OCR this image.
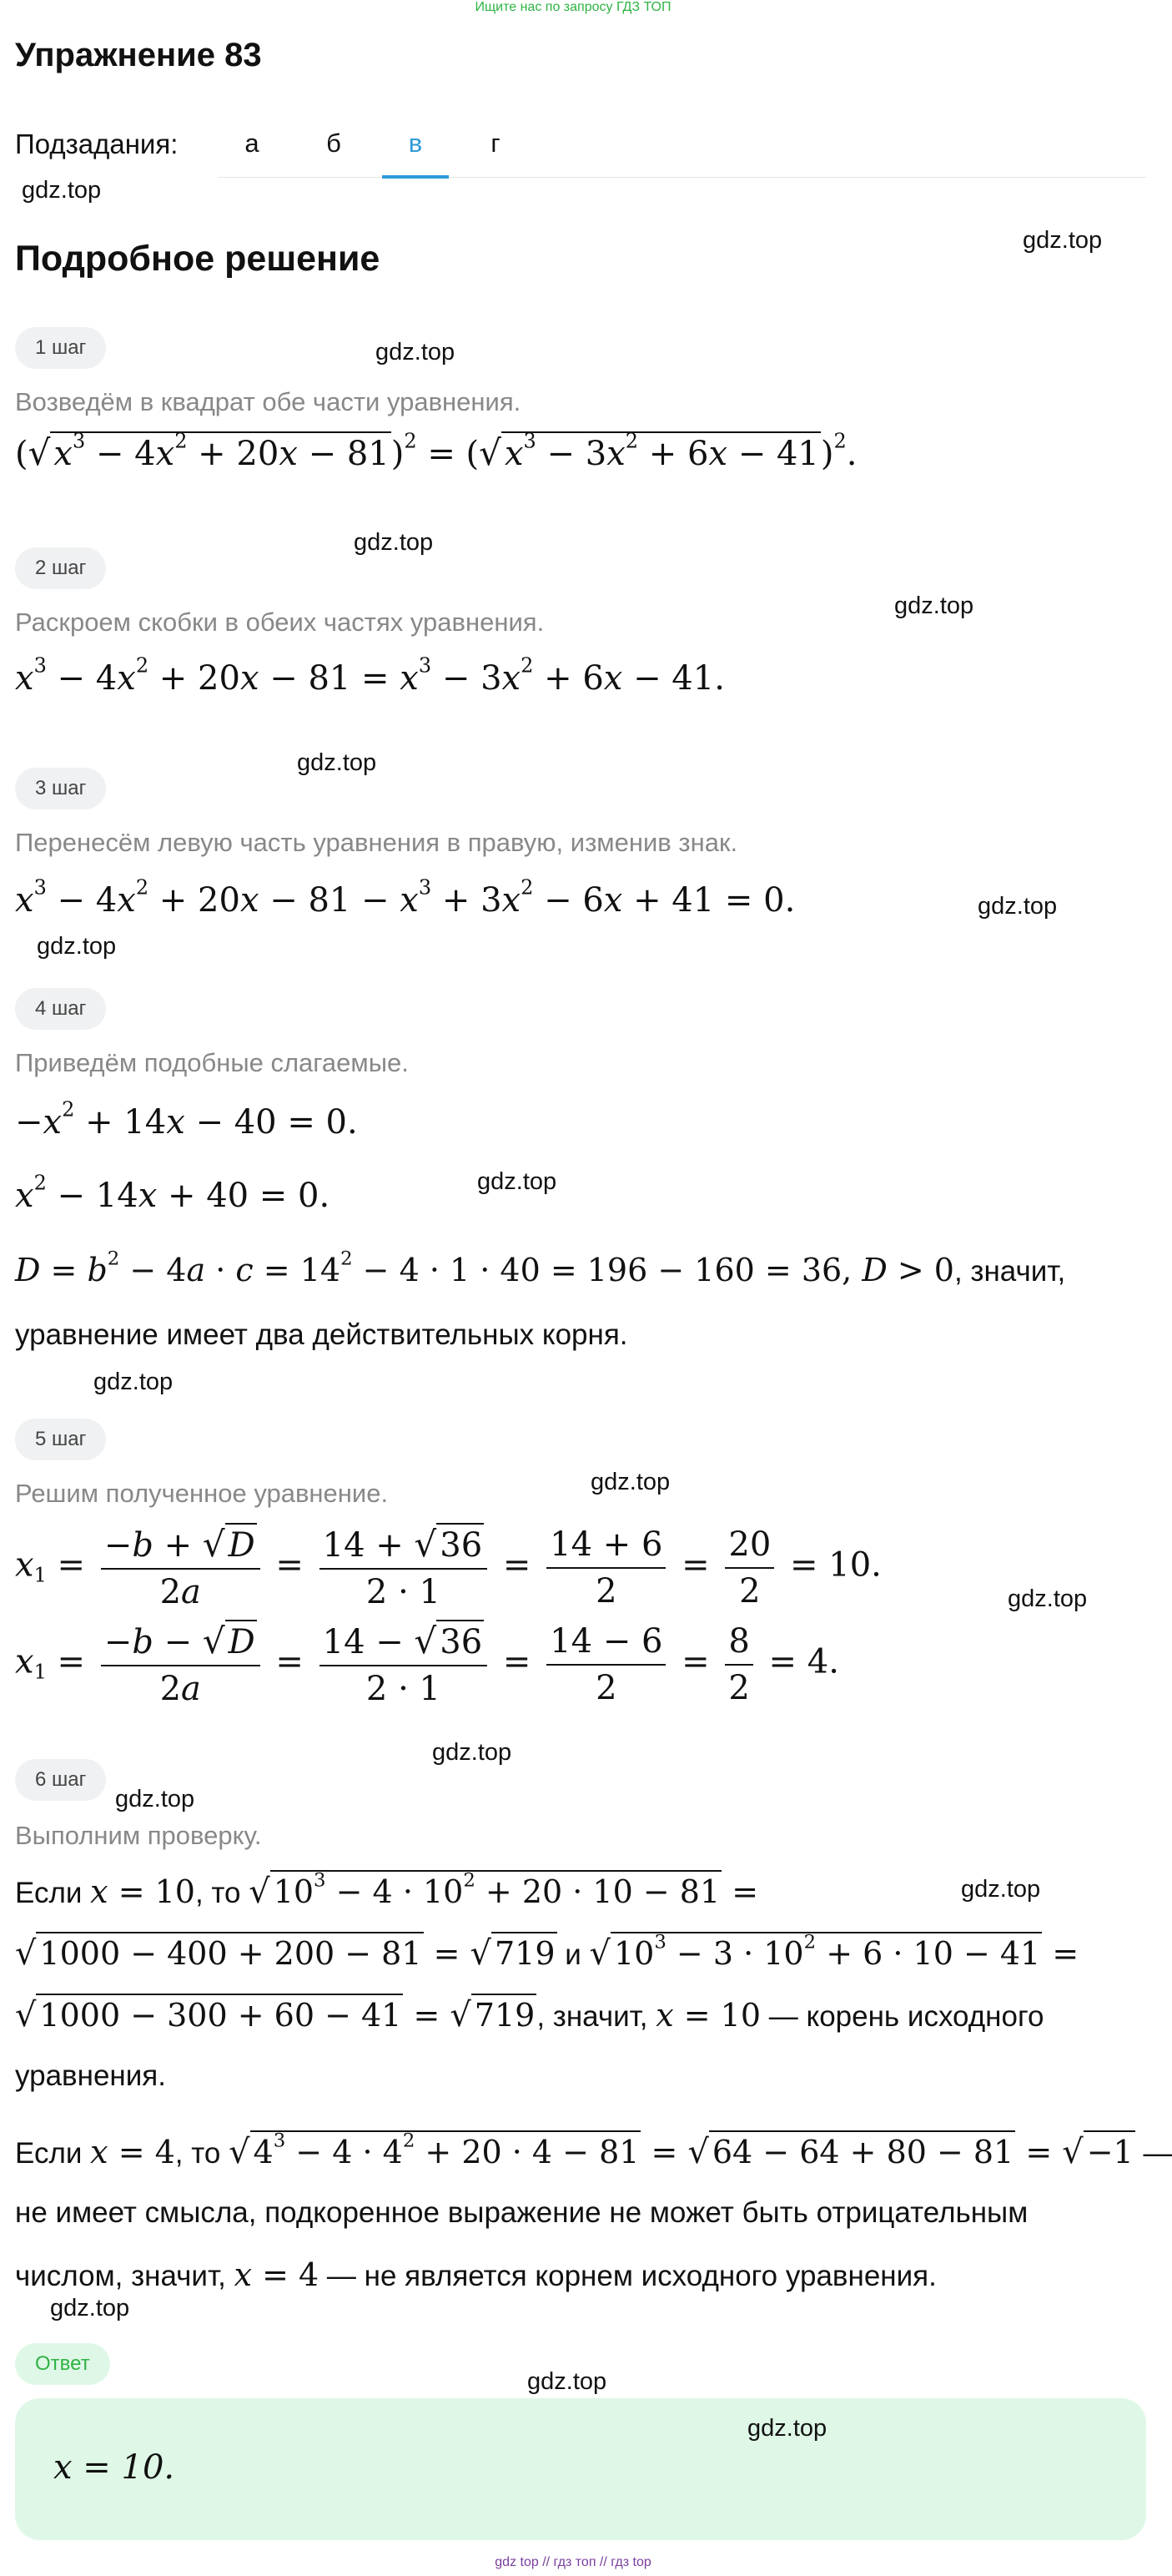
Ищите нас по запросу ГДЗ ТОП
Упражнение 83
Подзадания:	а	б	в	г
gdz.top
gdz.top
Подробное решение
1 шаг	gdz.top
Возведём в квадрат обе части уравнения.
(√ $x^3 - 4x^2 + 20x - 81)^2$ = (√ $x^3 - 3x^2 + 6x - 41)^2$.
gdz.top
2 шаг
gdz.top
Раскроем скобки в обеих частях уравнения.
$x^3 - 4x^2 + 20x - 81 = x^3 - 3x^2 + 6x - 41$.
gdz.top
3 шаг
Перенесём левую часть уравнения в правую, изменив знак.
$x^3 - 4x^2 + 20x - 81 - x^3 + 3x^2 - 6x + 41 = 0$.	gdz.top
gdz.top
4 шаг
Приведём подобные слагаемые.
$-x^2 + 14x - 40 = 0$.
gdz.top
$x^2 - 14x + 40 = 0$.
$D = b^2 - 4a \cdot c = 14^2 - 4 \cdot 1 \cdot 40 = 196 - 160 = 36$, D > 0, значит,
уравнение имеет два действительных корня.
gdz.top
5 шаг
gdz.top
Решим полученное уравнение.
$x_1 = \frac{-b + √ D}{2a} = \frac{14 + √ 36}{2 \cdot 1} = \frac{14 + 6}{2} = \frac{20}{2} = 10$.
gdz.top
$x_1 = \frac{-b - √ D}{2a} = \frac{14 - √ 36}{2 \cdot 1} = \frac{14 - 6}{2} = \frac{8}{2} = 4$.
gdz.top
6 шаг
gdz.top
Выполним проверку.
Если x = 10, то √ $10^3 - 4 \cdot 10^2 + 20 \cdot 10 - 81$ =	gdz.top
√ 1000 − 400 + 200 − 81 = √ 719 и √ $10^3 - 3 \cdot 10^2 + 6 \cdot 10 - 41$ =
√ 1000 − 300 + 60 − 41 = √ 719, значит, x = 10 — корень исходного
уравнения.
Если x = 4, то √ $4^3 - 4 \cdot 4^2 + 20 \cdot 4 - 81$ = √ 64 − 64 + 80 − 81 = √ −1 —
не имеет смысла, подкоренное выражение не может быть отрицательным
числом, значит, x = 4 — не является корнем исходного уравнения.
gdz.top
Ответ
gdz.top
gdz.top
x = 10.
gdz top // гдз топ // гдз top
